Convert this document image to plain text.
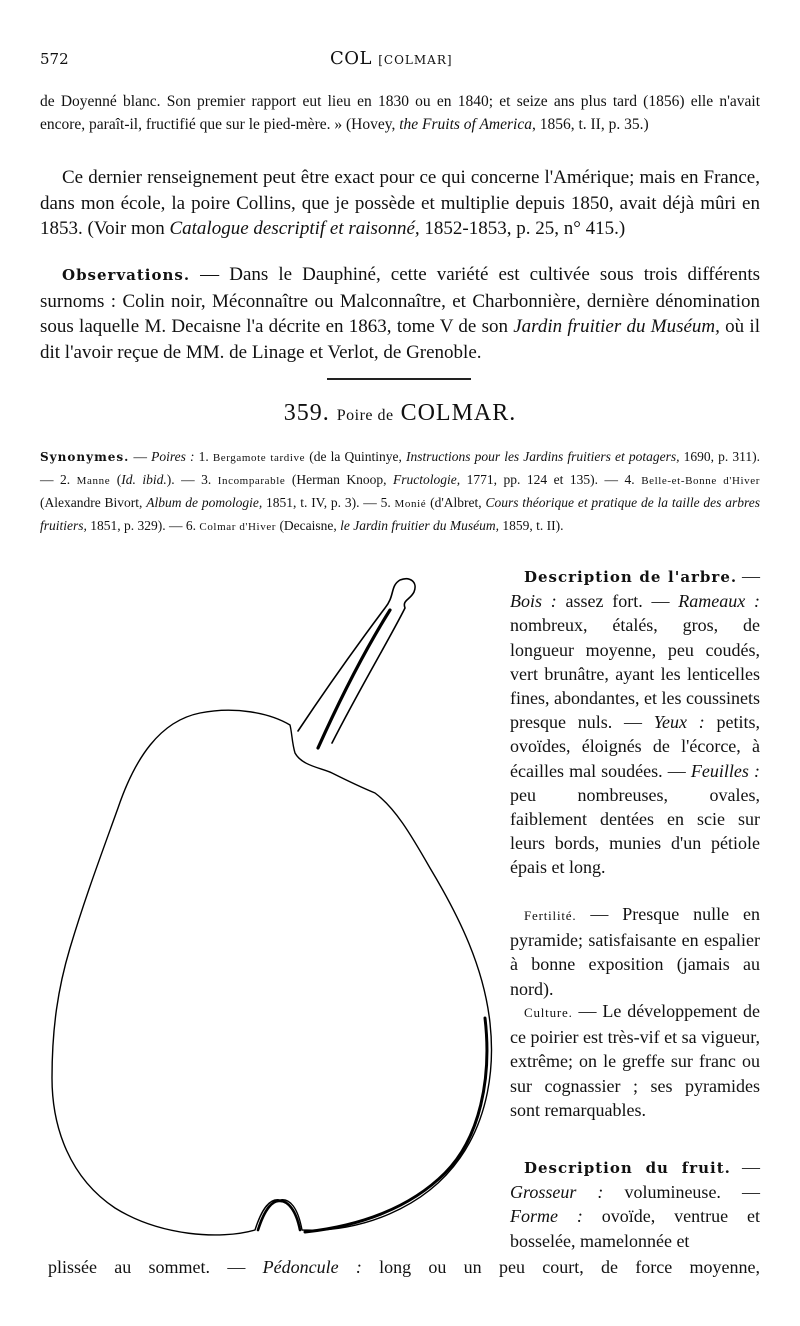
572	COL [COLMAR]
de Doyenné blanc. Son premier rapport eut lieu en 1830 ou en 1840; et seize ans plus tard (1856) elle n'avait encore, paraît-il, fructifié que sur le pied-mère. » (Hovey, the Fruits of America, 1856, t. II, p. 35.)
Ce dernier renseignement peut être exact pour ce qui concerne l'Amérique; mais en France, dans mon école, la poire Collins, que je possède et multiplie depuis 1850, avait déjà mûri en 1853. (Voir mon Catalogue descriptif et raisonné, 1852-1853, p. 25, n° 415.)
Observations. — Dans le Dauphiné, cette variété est cultivée sous trois différents surnoms : Colin noir, Méconnaître ou Malconnaître, et Charbonnière, dernière dénomination sous laquelle M. Decaisne l'a décrite en 1863, tome V de son Jardin fruitier du Muséum, où il dit l'avoir reçue de MM. de Linage et Verlot, de Grenoble.
359. Poire de COLMAR.
Synonymes. — Poires : 1. Bergamote tardive (de la Quintinye, Instructions pour les Jardins fruitiers et potagers, 1690, p. 311). — 2. Manne (Id. ibid.). — 3. Incomparable (Herman Knoop, Fructologie, 1771, pp. 124 et 135). — 4. Belle-et-Bonne d'Hiver (Alexandre Bivort, Album de pomologie, 1851, t. IV, p. 3). — 5. Monié (d'Albret, Cours théorique et pratique de la taille des arbres fruitiers, 1851, p. 329). — 6. Colmar d'Hiver (Decaisne, le Jardin fruitier du Muséum, 1859, t. II).
Description de l'arbre. — Bois : assez fort. — Rameaux : nombreux, étalés, gros, de longueur moyenne, peu coudés, vert brunâtre, ayant les lenticelles fines, abondantes, et les coussinets presque nuls. — Yeux : petits, ovoïdes, éloignés de l'écorce, à écailles mal soudées. — Feuilles : peu nombreuses, ovales, faiblement dentées en scie sur leurs bords, munies d'un pétiole épais et long.
Fertilité. — Presque nulle en pyramide; satisfaisante en espalier à bonne exposition (jamais au nord).
Culture. — Le développement de ce poirier est très-vif et sa vigueur, extrême; on le greffe sur franc ou sur cognassier ; ses pyramides sont remarquables.
Description du fruit. — Grosseur : volumineuse. — Forme : ovoïde, ventrue et bosselée, mamelonnée et
plissée au sommet. — Pédoncule : long ou un peu court, de force moyenne,
